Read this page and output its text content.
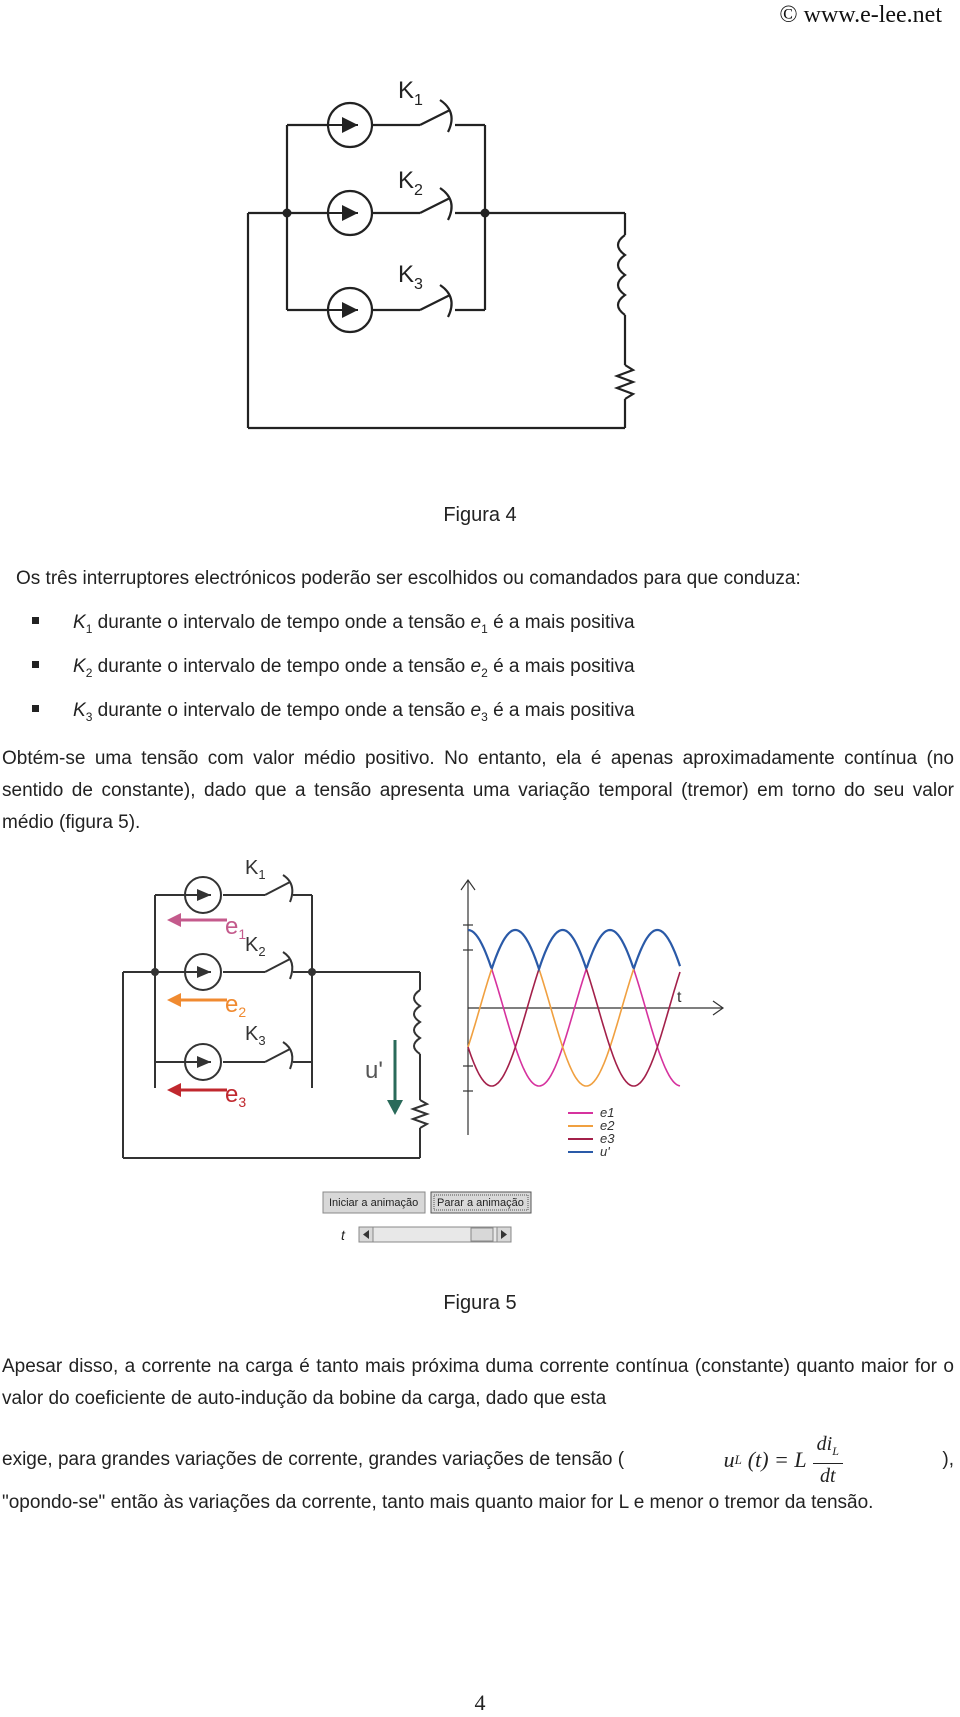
© www.e-lee.net
$K_1$
$K_2$
$K_3$
Figura 4
Os três interruptores electrónicos poderão ser escolhidos ou comandados para que conduza:
$K_1$ durante o intervalo de tempo onde a tensão $e_1$ é a mais positiva
$K_2$ durante o intervalo de tempo onde a tensão $e_2$ é a mais positiva
$K_3$ durante o intervalo de tempo onde a tensão $e_3$ é a mais positiva
Obtém-se uma tensão com valor médio positivo. No entanto, ela é apenas aproximadamente contínua (no sentido de constante), dado que a tensão apresenta uma variação temporal (tremor) em torno do seu valor médio (figura 5).
$e_1$
$e_2$
$e_3$
u'
$K_1$
$K_2$
$K_3$
t
e1
e2
e3
u'
Iniciar a animação Parar a animação
t
Figura 5
Apesar disso, a corrente na carga é tanto mais próxima duma corrente contínua (constante) quanto maior for o valor do coeficiente de auto-indução da bobine da carga, dado que esta
exige, para grandes variações de corrente, grandes variações de tensão (	u L (t) = L
$di_L$
dt
),
"opondo-se" então às variações da corrente, tanto mais quanto maior for L e menor o tremor da tensão.
4
